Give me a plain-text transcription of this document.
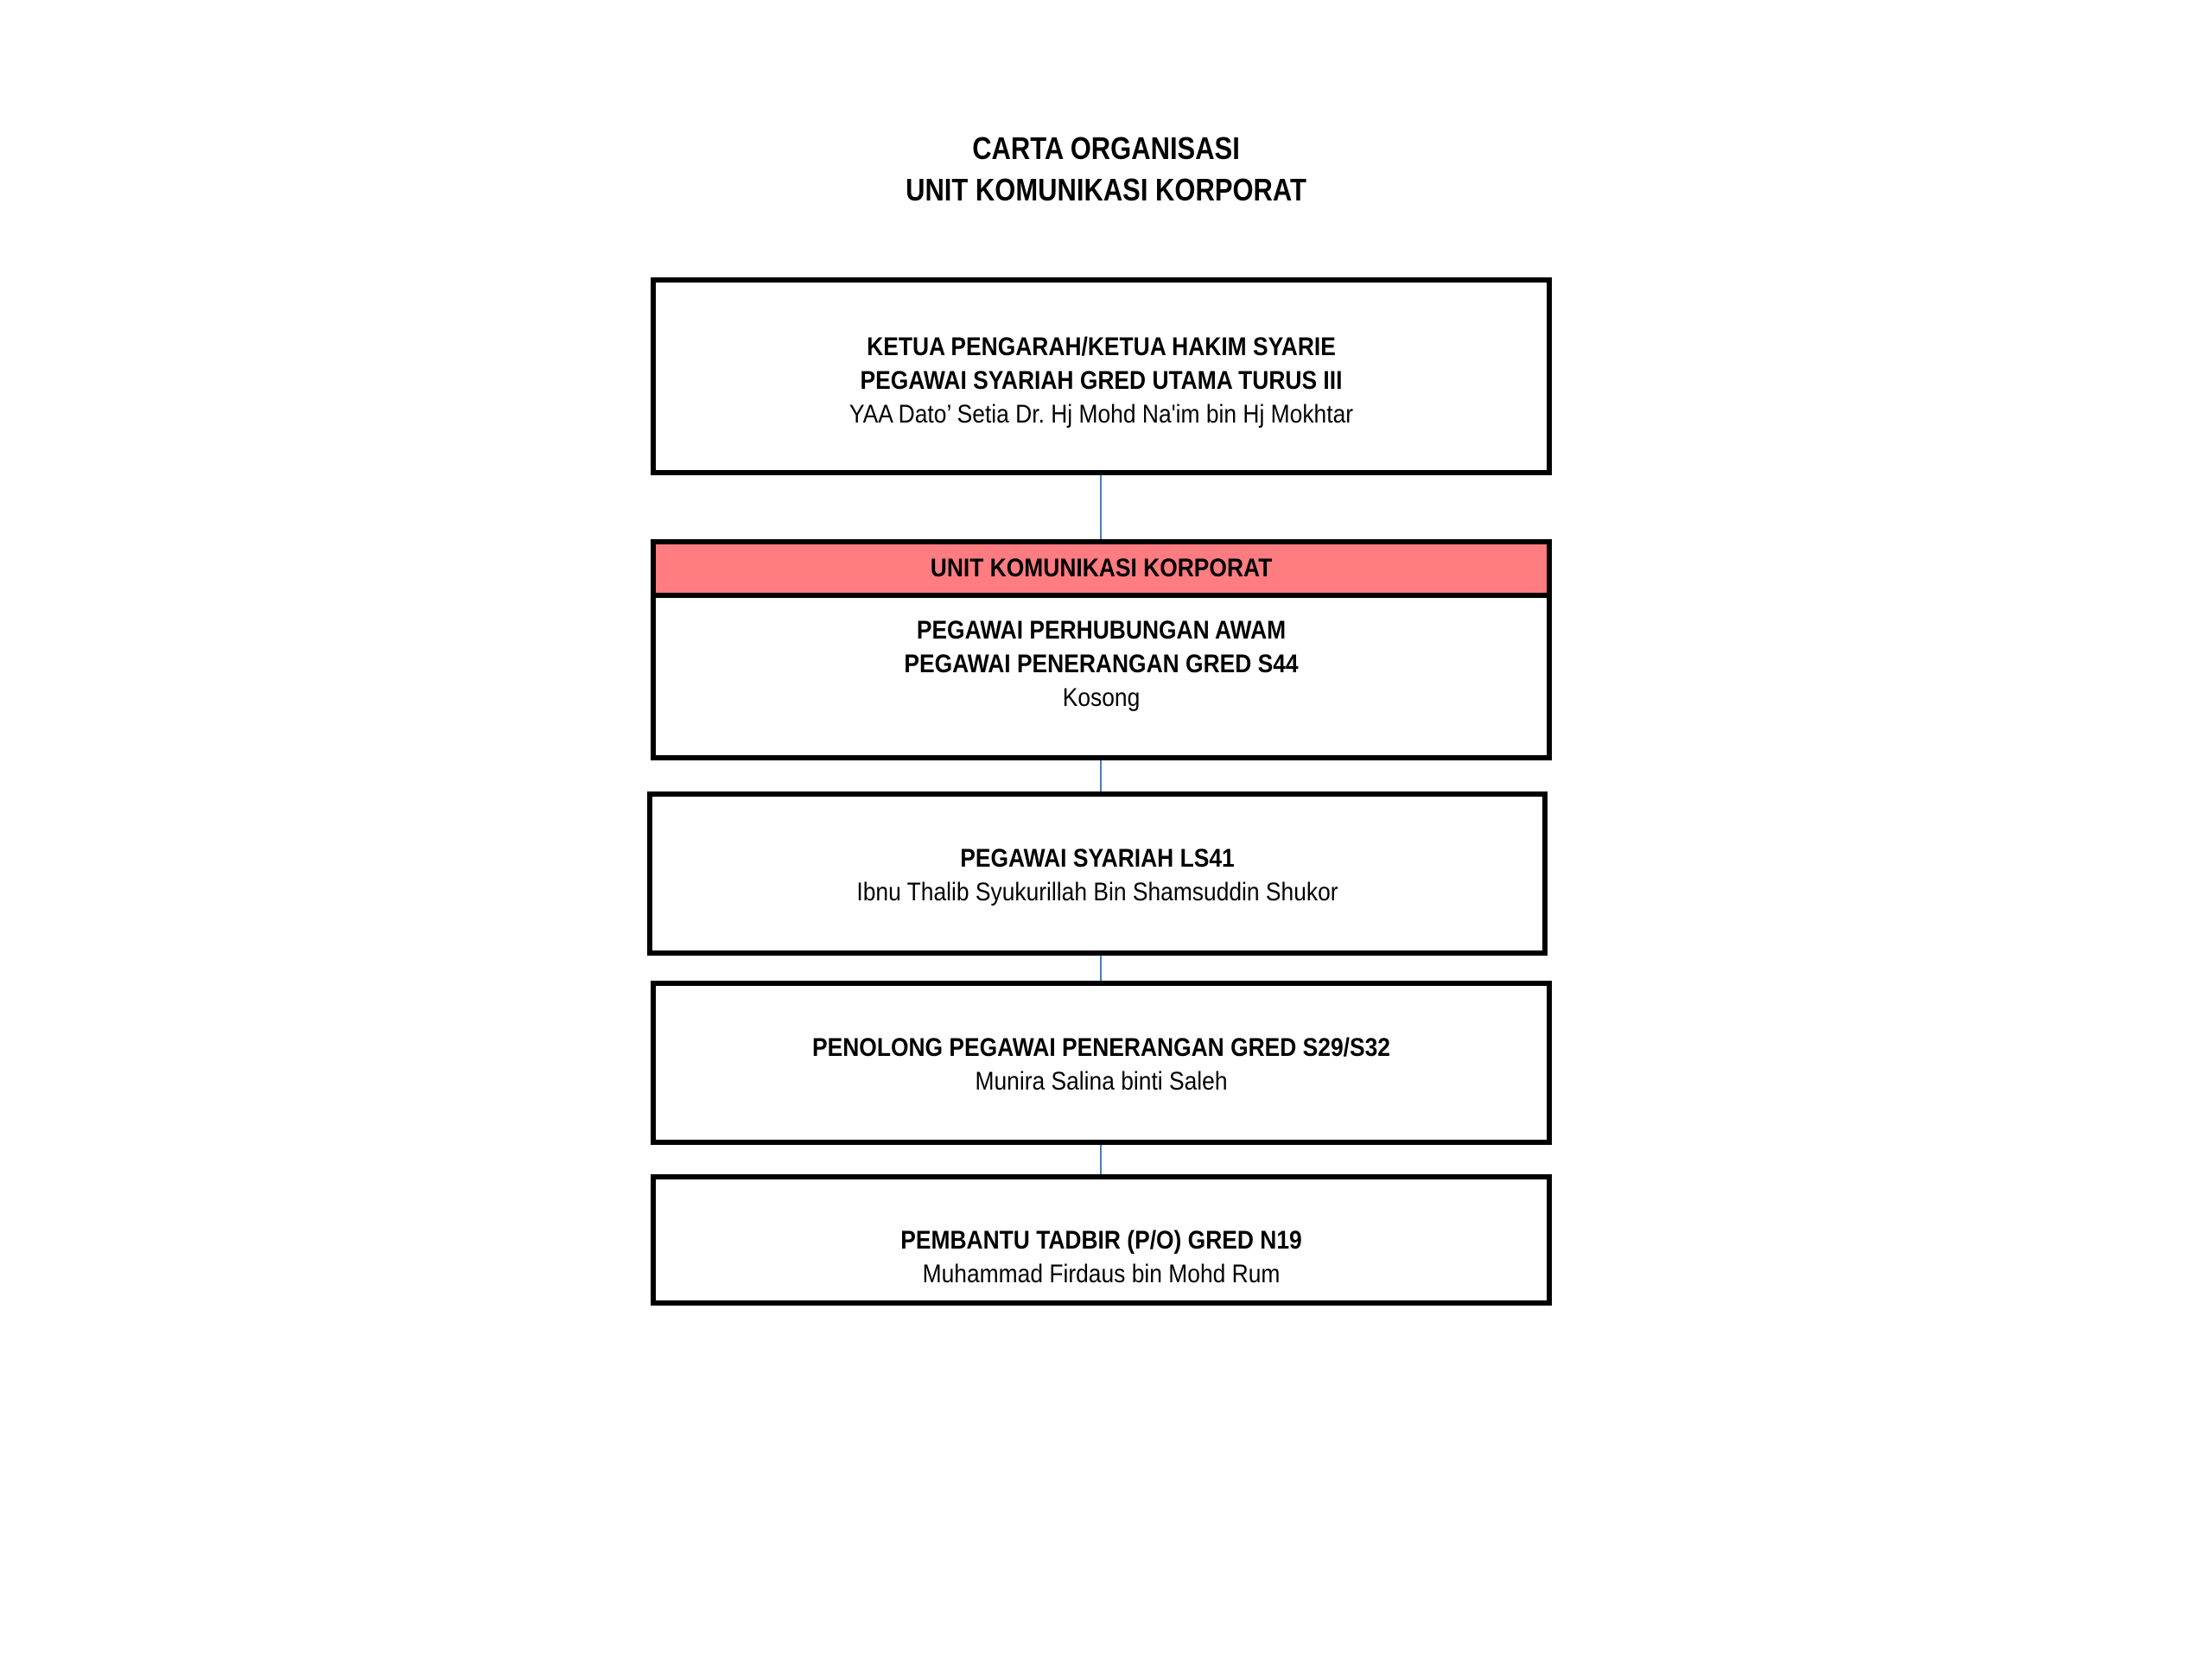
CARTA ORGANISASI
UNIT KOMUNIKASI KORPORAT
KETUA PENGARAH/KETUA HAKIM SYARIE
PEGAWAI SYARIAH GRED UTAMA TURUS III
YAA Dato’ Setia Dr. Hj Mohd Na'im bin Hj Mokhtar
UNIT KOMUNIKASI KORPORAT
PEGAWAI PERHUBUNGAN AWAM
PEGAWAI PENERANGAN GRED S44
Kosong
PEGAWAI SYARIAH LS41
Ibnu Thalib Syukurillah Bin Shamsuddin Shukor
PENOLONG PEGAWAI PENERANGAN GRED S29/S32
Munira Salina binti Saleh
PEMBANTU TADBIR (P/O) GRED N19
Muhammad Firdaus bin Mohd Rum
